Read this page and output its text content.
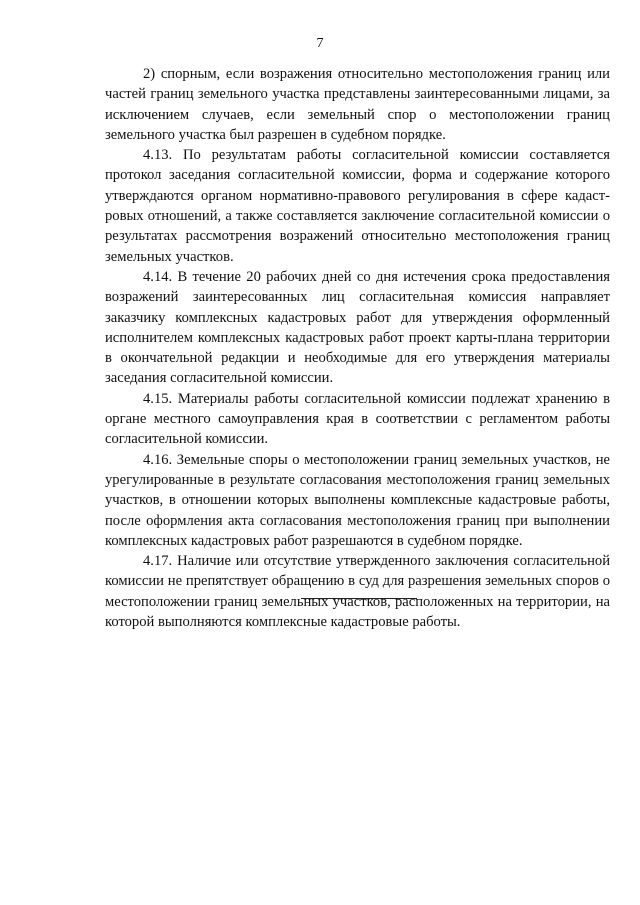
7

2) спорным, если возражения относительно местоположения границ или частей границ земельного участка представлены заинтересованными лицами, за исключением случаев, если земельный спор о местоположении границ земельного участка был разрешен в судебном порядке.

4.13. По результатам работы согласительной комиссии составляется протокол заседания согласительной комиссии, форма и содержание которого утверждаются органом нормативно-правового регулирования в сфере кадастровых отношений, а также составляется заключение согласительной комиссии о результатах рассмотрения возражений относительно местоположения границ земельных участков.

4.14. В течение 20 рабочих дней со дня истечения срока предоставления возражений заинтересованных лиц согласительная комиссия направляет заказчику комплексных кадастровых работ для утверждения оформленный исполнителем комплексных кадастровых работ проект карты-плана территории в окончательной редакции и необходимые для его утверждения материалы заседания согласительной комиссии.

4.15. Материалы работы согласительной комиссии подлежат хранению в органе местного самоуправления края в соответствии с регламентом работы согласительной комиссии.

4.16. Земельные споры о местоположении границ земельных участков, не урегулированные в результате согласования местоположения границ земельных участков, в отношении которых выполнены комплексные кадастровые работы, после оформления акта согласования местоположения границ при выполнении комплексных кадастровых работ разрешаются в судебном порядке.

4.17. Наличие или отсутствие утвержденного заключения согласительной комиссии не препятствует обращению в суд для разрешения земельных споров о местоположении границ земельных участков, расположенных на территории, на которой выполняются комплексные кадастровые работы.
